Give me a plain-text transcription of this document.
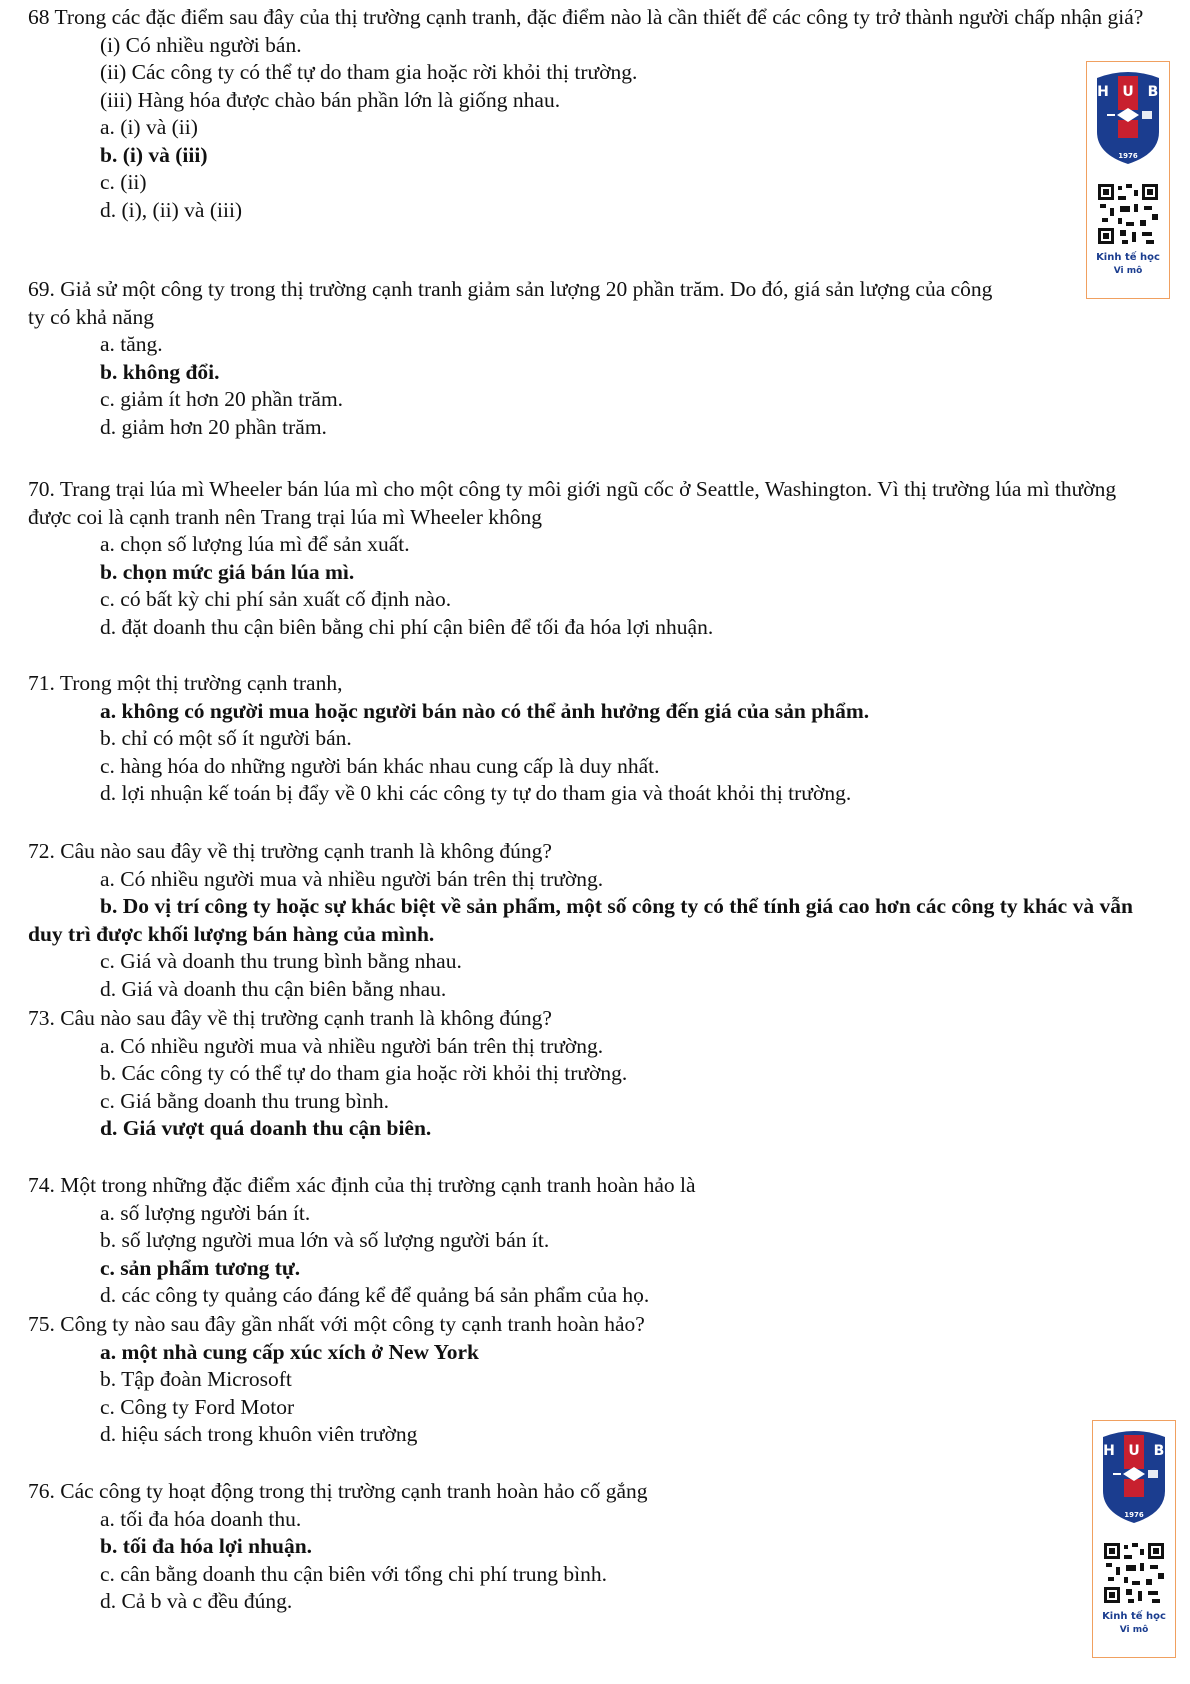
68 Trong các đặc điểm sau đây của thị trường cạnh tranh, đặc điểm nào là cần thiết để các công ty trở thành người chấp nhận giá?

(i) Có nhiều người bán.

(ii) Các công ty có thể tự do tham gia hoặc rời khỏi thị trường.

(iii) Hàng hóa được chào bán phần lớn là giống nhau.

a. (i) và (ii)

b. (i) và (iii)

c. (ii)

d. (i), (ii) và (iii)

69. Giả sử một công ty trong thị trường cạnh tranh giảm sản lượng 20 phần trăm. Do đó, giá sản lượng của công ty có khả năng

a. tăng.

b. không đổi.

c. giảm ít hơn 20 phần trăm.

d. giảm hơn 20 phần trăm.

70. Trang trại lúa mì Wheeler bán lúa mì cho một công ty môi giới ngũ cốc ở Seattle, Washington. Vì thị trường lúa mì thường được coi là cạnh tranh nên Trang trại lúa mì Wheeler không

a. chọn số lượng lúa mì để sản xuất.

b. chọn mức giá bán lúa mì.

c. có bất kỳ chi phí sản xuất cố định nào.

d. đặt doanh thu cận biên bằng chi phí cận biên để tối đa hóa lợi nhuận.

71. Trong một thị trường cạnh tranh,

a. không có người mua hoặc người bán nào có thể ảnh hưởng đến giá của sản phẩm.

b. chỉ có một số ít người bán.

c. hàng hóa do những người bán khác nhau cung cấp là duy nhất.

d. lợi nhuận kế toán bị đẩy về 0 khi các công ty tự do tham gia và thoát khỏi thị trường.

72. Câu nào sau đây về thị trường cạnh tranh là không đúng?

a. Có nhiều người mua và nhiều người bán trên thị trường.

b. Do vị trí công ty hoặc sự khác biệt về sản phẩm, một số công ty có thể tính giá cao hơn các công ty khác và vẫn duy trì được khối lượng bán hàng của mình.

c. Giá và doanh thu trung bình bằng nhau.

d. Giá và doanh thu cận biên bằng nhau.

73. Câu nào sau đây về thị trường cạnh tranh là không đúng?

a. Có nhiều người mua và nhiều người bán trên thị trường.

b. Các công ty có thể tự do tham gia hoặc rời khỏi thị trường.

c. Giá bằng doanh thu trung bình.

d. Giá vượt quá doanh thu cận biên.

74. Một trong những đặc điểm xác định của thị trường cạnh tranh hoàn hảo là

a. số lượng người bán ít.

b. số lượng người mua lớn và số lượng người bán ít.

c. sản phẩm tương tự.

d. các công ty quảng cáo đáng kể để quảng bá sản phẩm của họ.

75. Công ty nào sau đây gần nhất với một công ty cạnh tranh hoàn hảo?

a. một nhà cung cấp xúc xích ở New York

b. Tập đoàn Microsoft

c. Công ty Ford Motor

d. hiệu sách trong khuôn viên trường

76. Các công ty hoạt động trong thị trường cạnh tranh hoàn hảo cố gắng

a. tối đa hóa doanh thu.

b. tối đa hóa lợi nhuận.

c. cân bằng doanh thu cận biên với tổng chi phí trung bình.

d. Cả b và c đều đúng.

H U B
1976
Kinh tế học
Vi mô
H U B
1976
Kinh tế học
Vi mô
